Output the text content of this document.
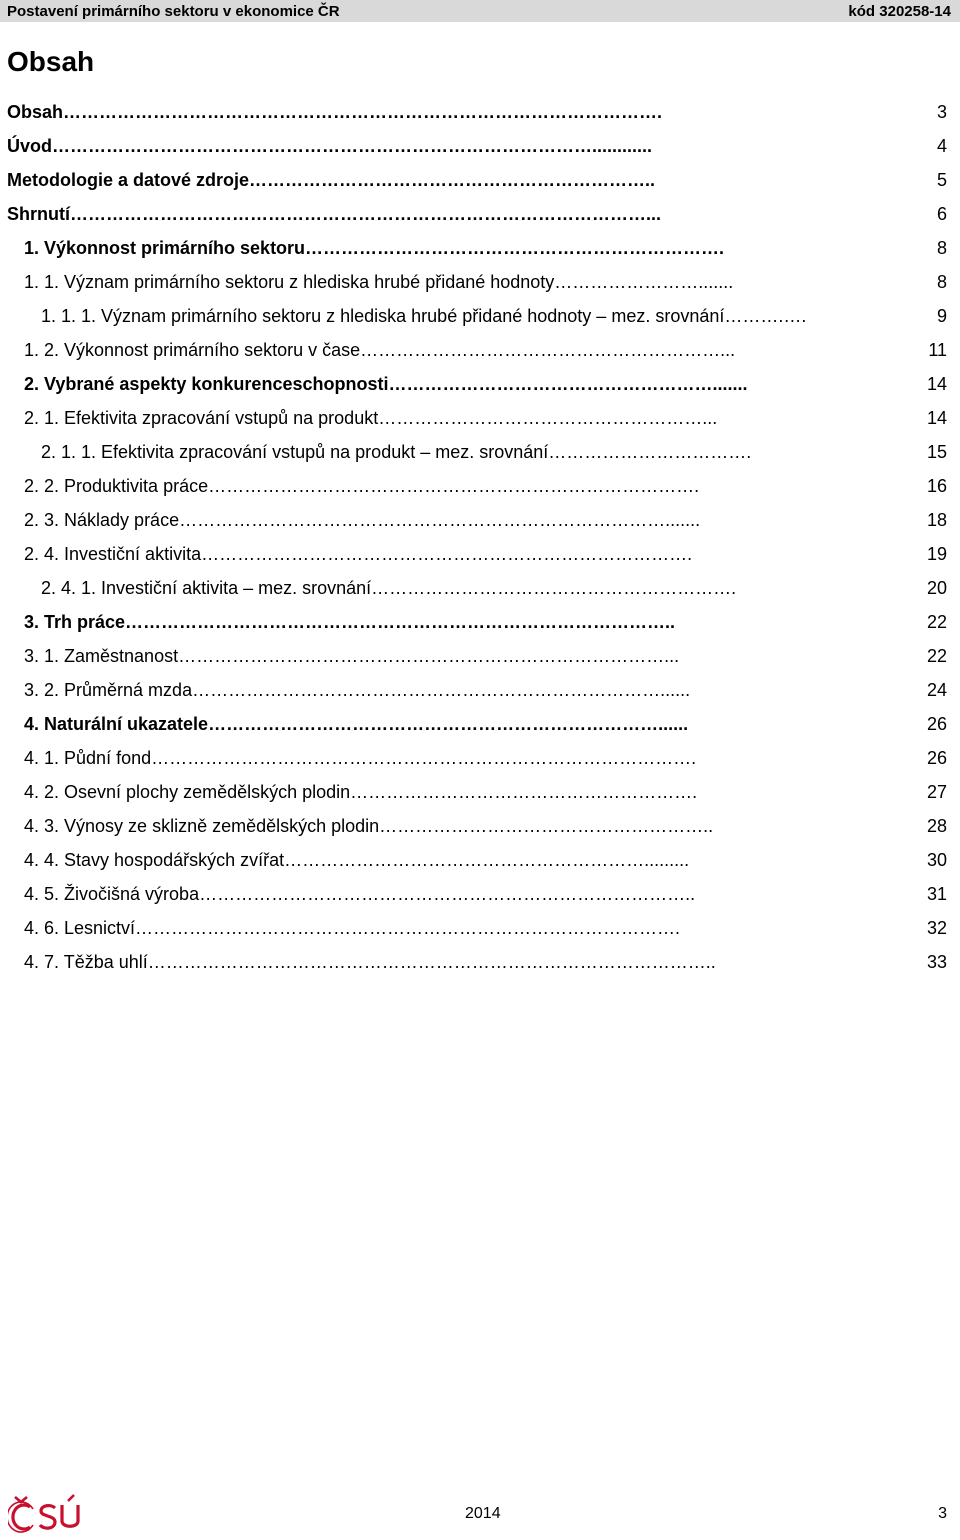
Postavení primárního sektoru v ekonomice ČR	kód 320258-14
Obsah
Obsah……………………………………………………………………………………….	3
Úvod………………………………………………………………………………............	4
Metodologie a datové zdroje…………………………………………………………..	5
Shrnutí……………………………………………………………………………………...	6
1. Výkonnost primárního sektoru…………………………………………………………….	8
1. 1. Význam primárního sektoru z hlediska hrubé přidané hodnoty…………………….......	8
1. 1. 1. Význam primárního sektoru z hlediska hrubé přidané hodnoty – mez. srovnání……….….	9
1. 2. Výkonnost primárního sektoru v čase……………………………………………………...	11
2. Vybrané aspekty konkurenceschopnosti……………………………………………….......	14
2. 1. Efektivita zpracování vstupů na produkt………………………………………………...	14
2. 1. 1. Efektivita zpracování vstupů na produkt – mez. srovnání…………………………….	15
2. 2. Produktivita práce……………………………………………………………………….	16
2. 3. Náklady práce……………………………………………………………………….......	18
2. 4. Investiční aktivita……………………………………………………………………….	19
2. 4. 1. Investiční aktivita – mez. srovnání…………………………………………………….	20
3. Trh práce………………………………………………………………………………..	22
3. 1. Zaměstnanost………………………………………………………………………...	22
3. 2. Průměrná mzda……………………………………………………………………......	24
4. Naturální ukazatele…………………………………………………………………......	26
4. 1. Půdní fond……………………………………………………………………………….	26
4. 2. Osevní plochy zemědělských plodin………………………………………………….	27
4. 3. Výnosy ze sklizně zemědělských plodin………………………………………………..	28
4. 4. Stavy hospodářských zvířat…………………………………………………….........	30
4. 5. Živočišná výroba………………………………………………………………………..	31
4. 6. Lesnictví……………………………………………………………………………….	32
4. 7. Těžba uhlí…………………………………………………………………………………..	33
2014	3
